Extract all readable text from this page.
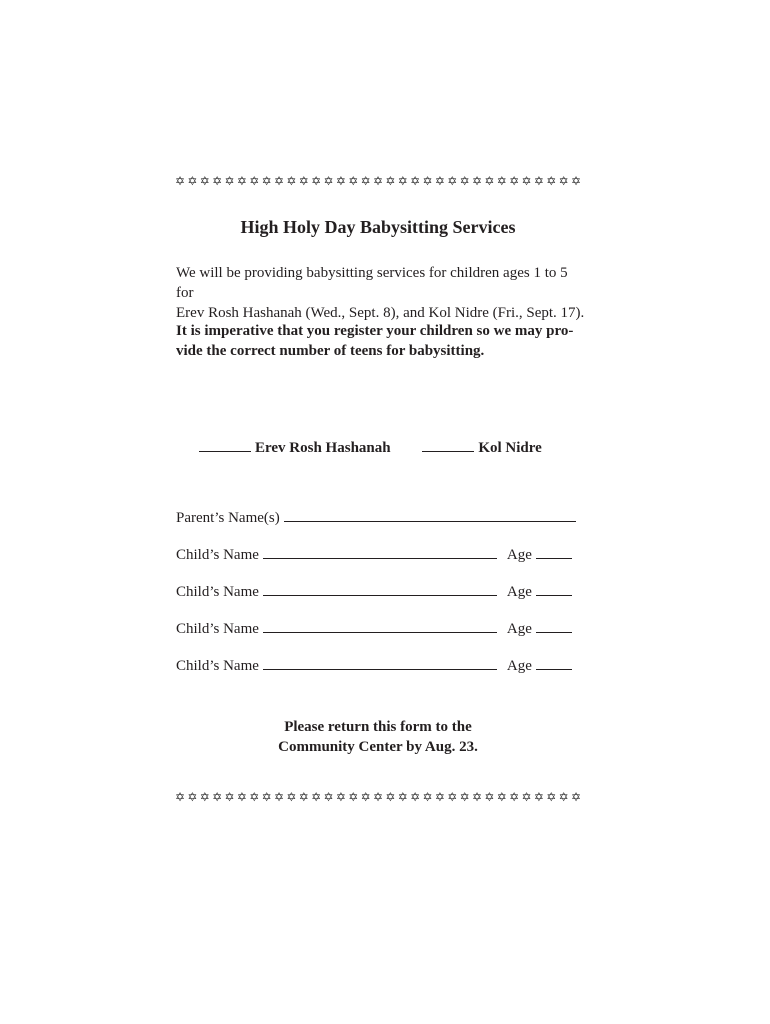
✡ ✡ ✡ ✡ ✡ ✡ ✡ ✡ ✡ ✡ ✡ ✡ ✡ ✡ ✡ ✡ ✡ ✡ ✡ ✡ ✡ ✡ ✡ ✡ ✡ ✡ ✡ ✡ ✡ ✡ ✡ ✡ ✡
High Holy Day Babysitting Services
We will be providing babysitting services for children ages 1 to 5 for
Erev Rosh Hashanah (Wed., Sept. 8), and Kol Nidre (Fri., Sept. 17).
It is imperative that you register your children so we may pro-
vide the correct number of teens for babysitting.
Erev Rosh Hashanah	Kol Nidre
Parent’s Name(s)
Child’s Name	Age
Child’s Name	Age
Child’s Name	Age
Child’s Name	Age
Please return this form to the
Community Center by Aug. 23.
✡ ✡ ✡ ✡ ✡ ✡ ✡ ✡ ✡ ✡ ✡ ✡ ✡ ✡ ✡ ✡ ✡ ✡ ✡ ✡ ✡ ✡ ✡ ✡ ✡ ✡ ✡ ✡ ✡ ✡ ✡ ✡ ✡
